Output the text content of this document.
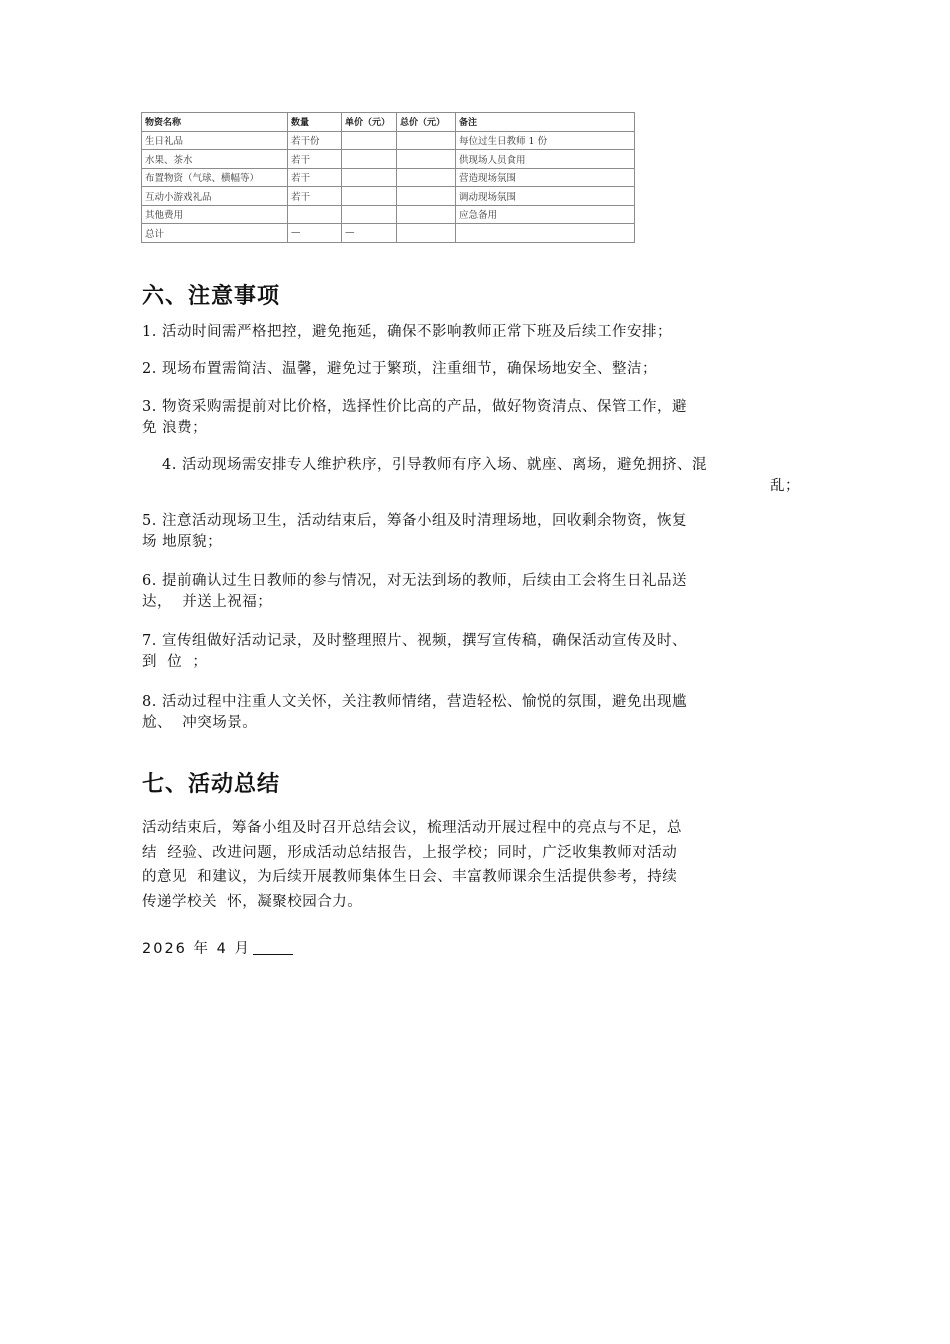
物资名称	数量	单价（元）	总价（元）	备注
生日礼品	若干份			每位过生日教师 1 份
水果、茶水	若干			供现场人员食用
布置物资（气球、横幅等）	若干			营造现场氛围
互动小游戏礼品	若干			调动现场氛围
其他费用				应急备用
总计	—	—		
六、注意事项

1. 活动时间需严格把控，避免拖延，确保不影响教师正常下班及后续工作安排；

2. 现场布置需简洁、温馨，避免过于繁琐，注重细节，确保场地安全、整洁；

3. 物资采购需提前对比价格，选择性价比高的产品，做好物资清点、保管工作，避
免 浪费；

4. 活动现场需安排专人维护秩序，引导教师有序入场、就座、离场，避免拥挤、混

乱；

5. 注意活动现场卫生，活动结束后，筹备小组及时清理场地，回收剩余物资，恢复
场 地原貌；

6. 提前确认过生日教师的参与情况，对无法到场的教师，后续由工会将生日礼品送
达，  并送上祝福；

7. 宣传组做好活动记录，及时整理照片、视频，撰写宣传稿，确保活动宣传及时、
到  位  ；

8. 活动过程中注重人文关怀，关注教师情绪，营造轻松、愉悦的氛围，避免出现尴
尬、  冲突场景。

七、活动总结

活动结束后，筹备小组及时召开总结会议，梳理活动开展过程中的亮点与不足，总
结  经验、改进问题，形成活动总结报告，上报学校；同时，广泛收集教师对活动
的意见  和建议，为后续开展教师集体生日会、丰富教师课余生活提供参考，持续
传递学校关  怀，凝聚校园合力。

2026 年 4 月
